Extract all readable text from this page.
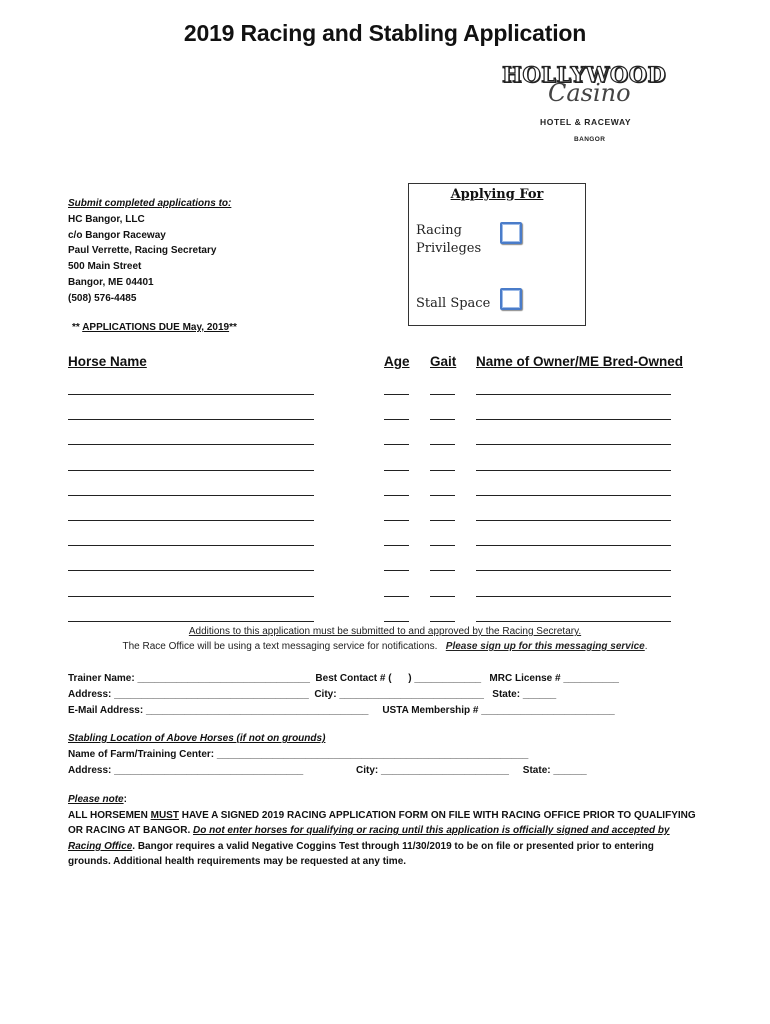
2019 Racing and Stabling Application
HOLLYWOOD
Casino
HOTEL & RACEWAY
BANGOR
Submit completed applications to:
HC Bangor, LLC
c/o Bangor Raceway
Paul Verrette, Racing Secretary
500 Main Street
Bangor, ME 04401
(508) 576-4485
** APPLICATIONS DUE May, 2019**
Applying For
Racing
Privileges
Stall Space
Horse Name	Age Gait Name of Owner/ME Bred-Owned
Additions to this application must be submitted to and approved by the Racing Secretary.
The Race Office will be using a text messaging service for notifications. Please sign up for this messaging service.
Trainer Name: _______________________________  Best Contact # (      ) ____________   MRC License # __________
Address: ___________________________________  City: __________________________   State: ______
E-Mail Address: ________________________________________     USTA Membership # ________________________
Stabling Location of Above Horses (if not on grounds)
Name of Farm/Training Center: ________________________________________________________
Address: __________________________________                   City: _______________________     State: ______
Please note:
ALL HORSEMEN MUST HAVE A SIGNED 2019 RACING APPLICATION FORM ON FILE WITH RACING OFFICE PRIOR TO QUALIFYING OR RACING AT BANGOR. Do not enter horses for qualifying or racing until this application is officially signed and accepted by Racing Office. Bangor requires a valid Negative Coggins Test through 11/30/2019 to be on file or presented prior to entering grounds. Additional health requirements may be requested at any time.
